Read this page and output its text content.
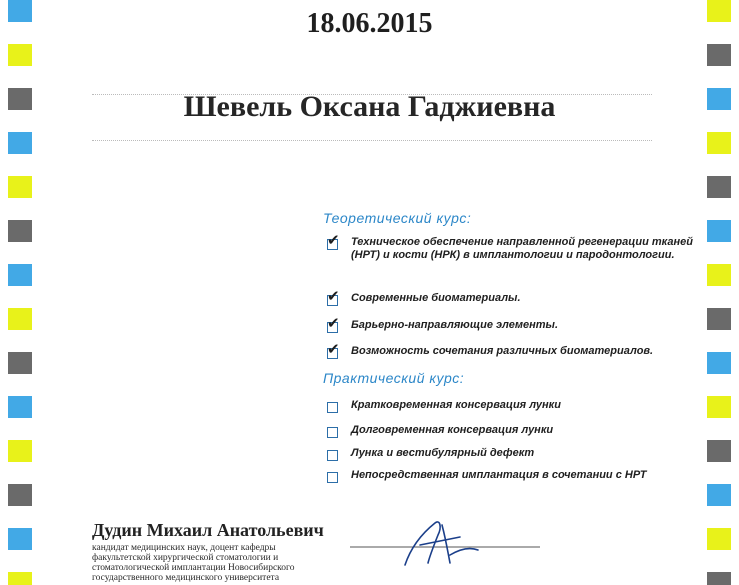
18.06.2015
Шевель Оксана Гаджиевна
Теоретический курс:
✔ Техническое обеспечение направленной регенерации тканей (НРТ) и кости (НРК) в имплантологии и пародонтологии.
✔ Современные биоматериалы.
✔ Барьерно-направляющие элементы.
✔ Возможность сочетания различных биоматериалов.
Практический курс:
Кратковременная консервация лунки
Долговременная консервация лунки
Лунка и вестибулярный дефект
Непосредственная имплантация в сочетании с НРТ
Дудин Михаил Анатольевич
кандидат медицинских наук, доцент кафедры факультетской хирургической стоматологии и стоматологической имплантации Новосибирского государственного медицинского университета
